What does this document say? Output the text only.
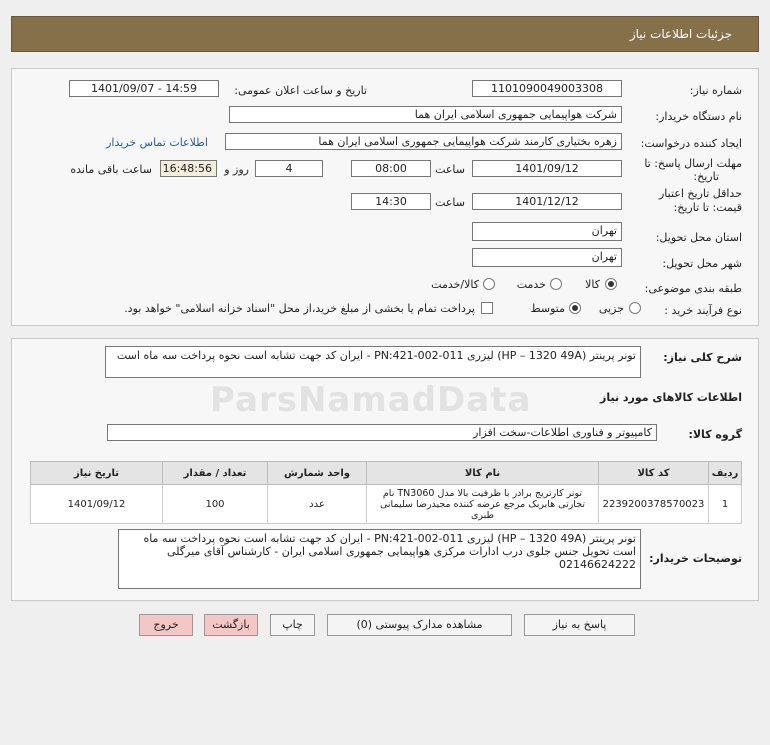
جزئیات اطلاعات نیاز
شماره نیاز:
1101090049003308
تاریخ و ساعت اعلان عمومی:
1401/09/07 - 14:59
نام دستگاه خریدار:
شرکت هواپیمایی جمهوری اسلامی ایران هما
ایجاد کننده درخواست:
زهره بختیاری کارمند شرکت هواپیمایی جمهوری اسلامی ایران هما
اطلاعات تماس خریدار
مهلت ارسال پاسخ: تا
تاریخ:
1401/09/12
ساعت
08:00
4
روز و
16:48:56
ساعت باقی مانده
حداقل تاریخ اعتبار
قیمت: تا تاریخ:
1401/12/12
ساعت
14:30
استان محل تحویل:
تهران
شهر محل تحویل:
تهران
طبقه بندی موضوعی:
کالا
خدمت
کالا/خدمت
نوع فرآیند خرید :
جزیی
متوسط
پرداخت تمام یا بخشی از مبلغ خرید،از محل "اسناد خزانه اسلامی" خواهد بود.
شرح کلی نیاز:
تونر پرینتر (HP – 1320 49A) لیزری PN:421-002-011 - ایران کد جهت تشابه است نحوه پرداخت سه ماه است
ParsNamadData	اطلاعات کالاهای مورد نیاز
گروه کالا:
کامپیوتر و فناوری اطلاعات-سخت افزار
ردیف	کد کالا	نام کالا	واحد شمارش	تعداد / مقدار	تاریخ نیاز
1	2239200378570023	تونر کارتریج برادر با ظرفیت بالا مدل TN3060 نام تجارتی هابربک مرجع عرضه کننده مجیدرضا سلیمانی طبری	عدد	100	1401/09/12
توضیحات خریدار:
تونر پرینتر (HP – 1320 49A) لیزری PN:421-002-011 - ایران کد جهت تشابه است نحوه پرداخت سه ماه است تحویل جنس جلوی درب ادارات مرکزی هواپیمایی جمهوری اسلامی ایران - کارشناس آقای میرگلی 02146624222
پاسخ به نیاز
مشاهده مدارک پیوستی (0)
چاپ
بازگشت
خروج
